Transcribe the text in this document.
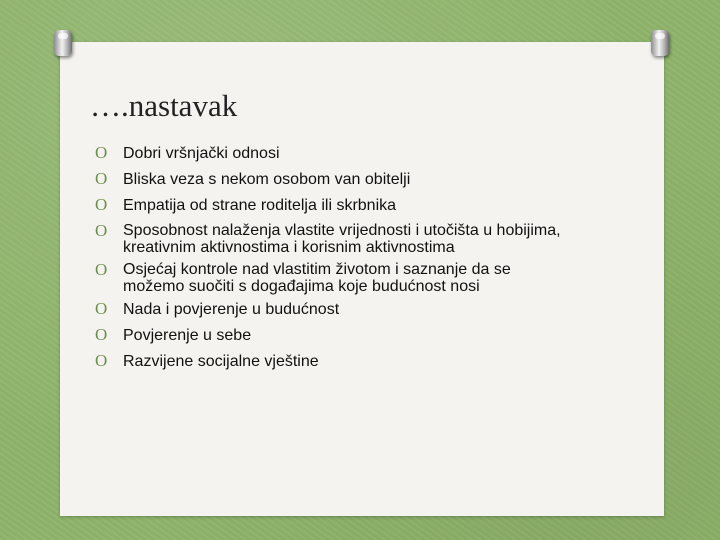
….nastavak
O Dobri vršnjački odnosi
O Bliska veza s nekom osobom van obitelji
O Empatija od strane roditelja ili skrbnika
O Sposobnost nalaženja vlastite vrijednosti i utočišta u hobijima, kreativnim aktivnostima i korisnim aktivnostima
O Osjećaj kontrole nad vlastitim životom i saznanje da se možemo suočiti s događajima koje budućnost nosi
O Nada i povjerenje u budućnost
O Povjerenje u sebe
O Razvijene socijalne vještine
